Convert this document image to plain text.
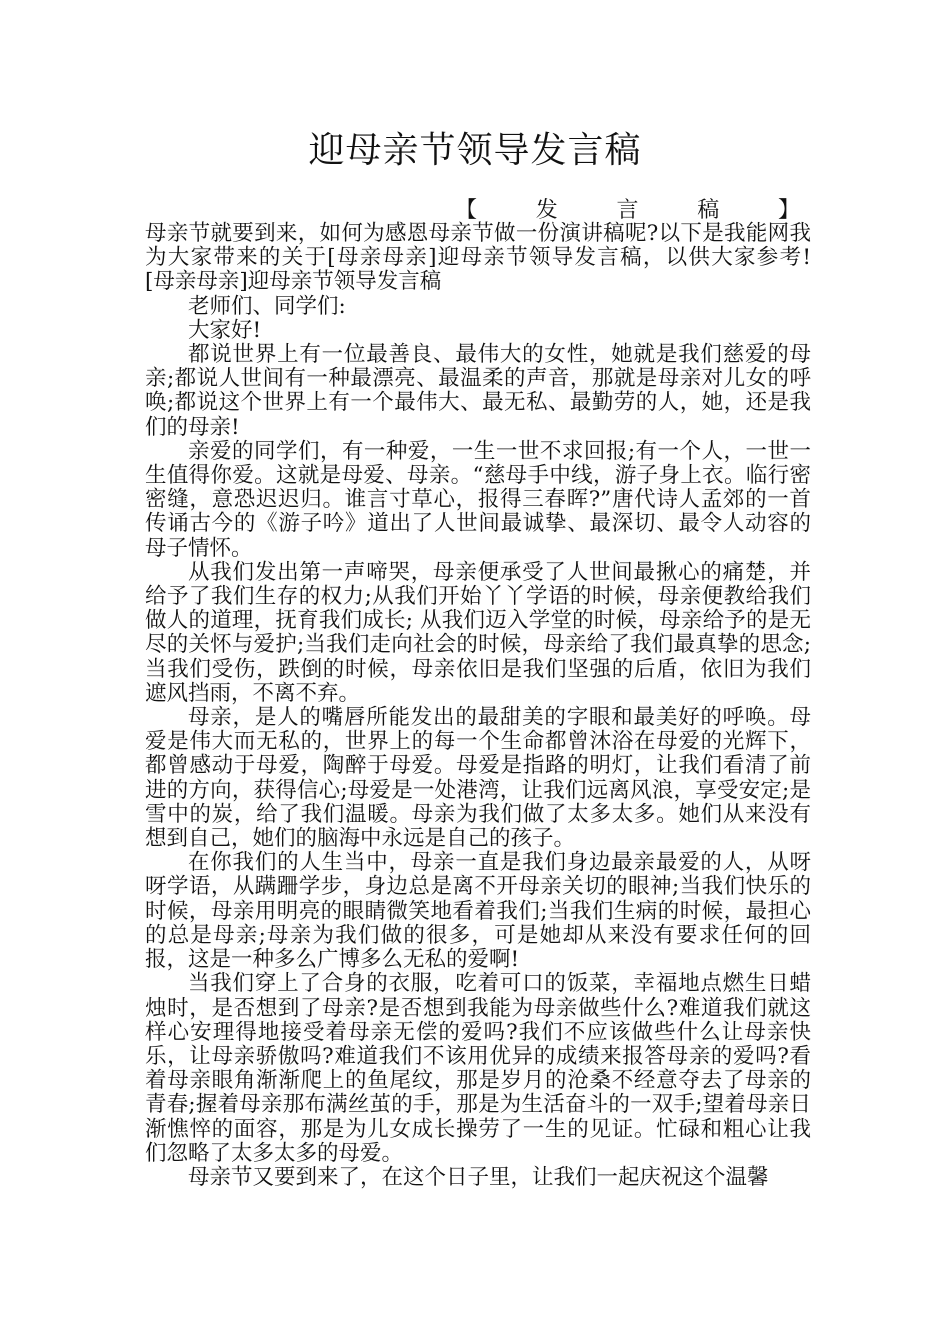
迎母亲节领导发言稿
【	发	言	稿	】

母亲节就要到来，如何为感恩母亲节做一份演讲稿呢?以下是我能网我为大家带来的关于[母亲母亲]迎母亲节领导发言稿，以供大家参考!　　[母亲母亲]迎母亲节领导发言稿

老师们、同学们:

大家好!

都说世界上有一位最善良、最伟大的女性，她就是我们慈爱的母亲;都说人世间有一种最漂亮、最温柔的声音，那就是母亲对儿女的呼唤;都说这个世界上有一个最伟大、最无私、最勤劳的人，她，还是我们的母亲!

亲爱的同学们，有一种爱，一生一世不求回报;有一个人，一世一生值得你爱。这就是母爱、母亲。“慈母手中线，游子身上衣。临行密密缝，意恐迟迟归。谁言寸草心，报得三春晖?”唐代诗人孟郊的一首传诵古今的《游子吟》道出了人世间最诚挚、最深切、最令人动容的母子情怀。

从我们发出第一声啼哭，母亲便承受了人世间最揪心的痛楚，并给予了我们生存的权力;从我们开始丫丫学语的时候，母亲便教给我们做人的道理，抚育我们成长; 从我们迈入学堂的时候，母亲给予的是无尽的关怀与爱护;当我们走向社会的时候，母亲给了我们最真挚的思念;当我们受伤，跌倒的时候，母亲依旧是我们坚强的后盾，依旧为我们遮风挡雨，不离不弃。

母亲，是人的嘴唇所能发出的最甜美的字眼和最美好的呼唤。母爱是伟大而无私的，世界上的每一个生命都曾沐浴在母爱的光辉下，都曾感动于母爱，陶醉于母爱。母爱是指路的明灯，让我们看清了前进的方向，获得信心;母爱是一处港湾，让我们远离风浪，享受安定;是雪中的炭，给了我们温暖。母亲为我们做了太多太多。她们从来没有想到自己，她们的脑海中永远是自己的孩子。

在你我们的人生当中，母亲一直是我们身边最亲最爱的人，从呀呀学语，从蹒跚学步，身边总是离不开母亲关切的眼神;当我们快乐的时候，母亲用明亮的眼睛微笑地看着我们;当我们生病的时候，最担心的总是母亲;母亲为我们做的很多，可是她却从来没有要求任何的回报，这是一种多么广博多么无私的爱啊!

当我们穿上了合身的衣服，吃着可口的饭菜，幸福地点燃生日蜡烛时，是否想到了母亲?是否想到我能为母亲做些什么?难道我们就这样心安理得地接受着母亲无偿的爱吗?我们不应该做些什么让母亲快乐，让母亲骄傲吗?难道我们不该用优异的成绩来报答母亲的爱吗?看着母亲眼角渐渐爬上的鱼尾纹，那是岁月的沧桑不经意夺去了母亲的青春;握着母亲那布满丝茧的手，那是为生活奋斗的一双手;望着母亲日渐憔悴的面容，那是为儿女成长操劳了一生的见证。忙碌和粗心让我们忽略了太多太多的母爱。

母亲节又要到来了，在这个日子里，让我们一起庆祝这个温馨
